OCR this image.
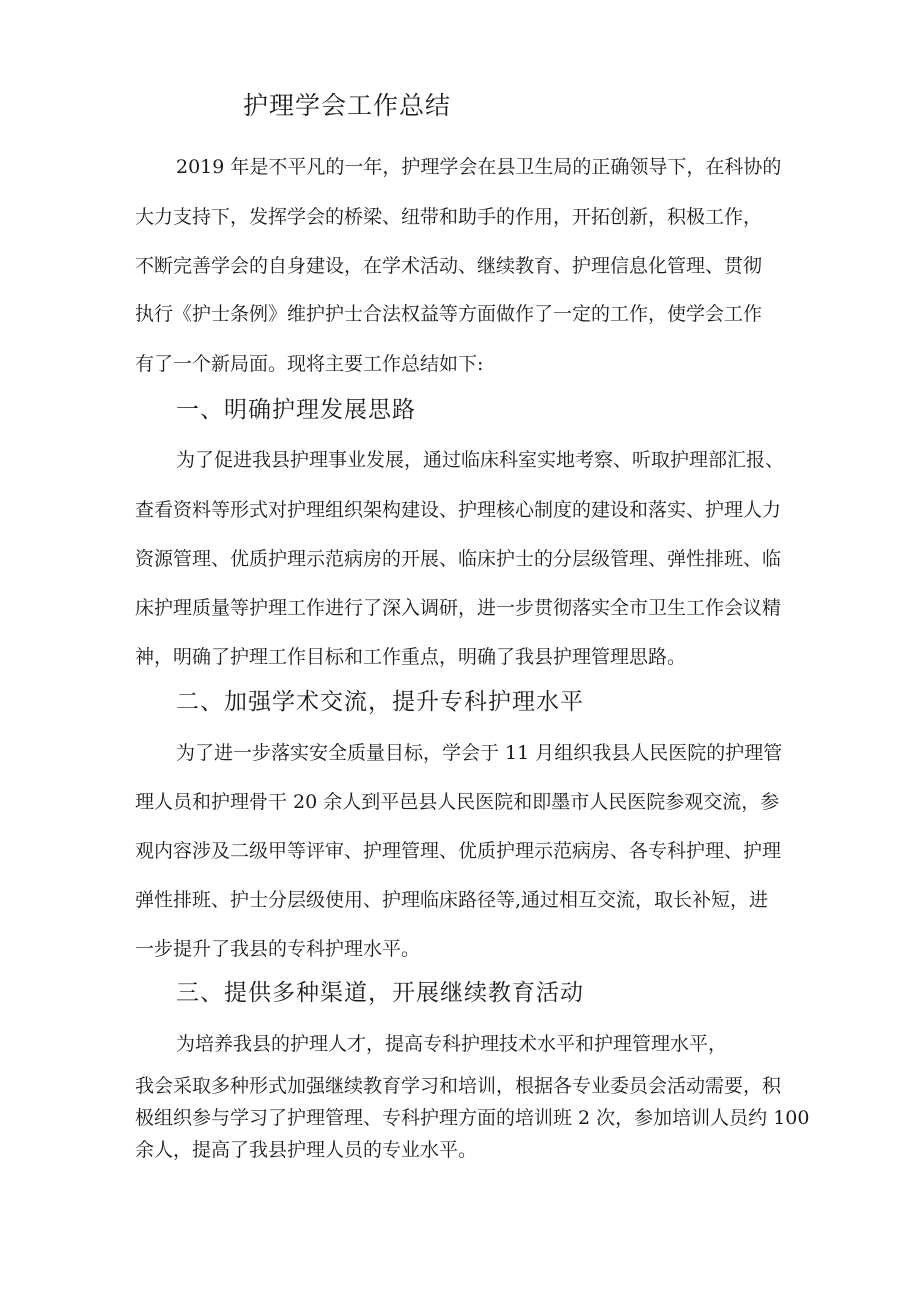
护理学会工作总结
2019 年是不平凡的一年，护理学会在县卫生局的正确领导下，在科协的
大力支持下，发挥学会的桥梁、纽带和助手的作用，开拓创新，积极工作，
不断完善学会的自身建设，在学术活动、继续教育、护理信息化管理、贯彻
执行《护士条例》维护护士合法权益等方面做作了一定的工作，使学会工作
有了一个新局面。现将主要工作总结如下:
一、明确护理发展思路
为了促进我县护理事业发展，通过临床科室实地考察、听取护理部汇报、
查看资料等形式对护理组织架构建设、护理核心制度的建设和落实、护理人力
资源管理、优质护理示范病房的开展、临床护士的分层级管理、弹性排班、临
床护理质量等护理工作进行了深入调研，进一步贯彻落实全市卫生工作会议精
神，明确了护理工作目标和工作重点，明确了我县护理管理思路。
二、加强学术交流，提升专科护理水平
为了进一步落实安全质量目标，学会于 11 月组织我县人民医院的护理管
理人员和护理骨干 20 余人到平邑县人民医院和即墨市人民医院参观交流，参
观内容涉及二级甲等评审、护理管理、优质护理示范病房、各专科护理、护理
弹性排班、护士分层级使用、护理临床路径等,通过相互交流，取长补短，进
一步提升了我县的专科护理水平。
三、提供多种渠道，开展继续教育活动
为培养我县的护理人才，提高专科护理技术水平和护理管理水平，
我会采取多种形式加强继续教育学习和培训，根据各专业委员会活动需要，积
极组织参与学习了护理管理、专科护理方面的培训班 2 次，参加培训人员约 100
余人，提高了我县护理人员的专业水平。
